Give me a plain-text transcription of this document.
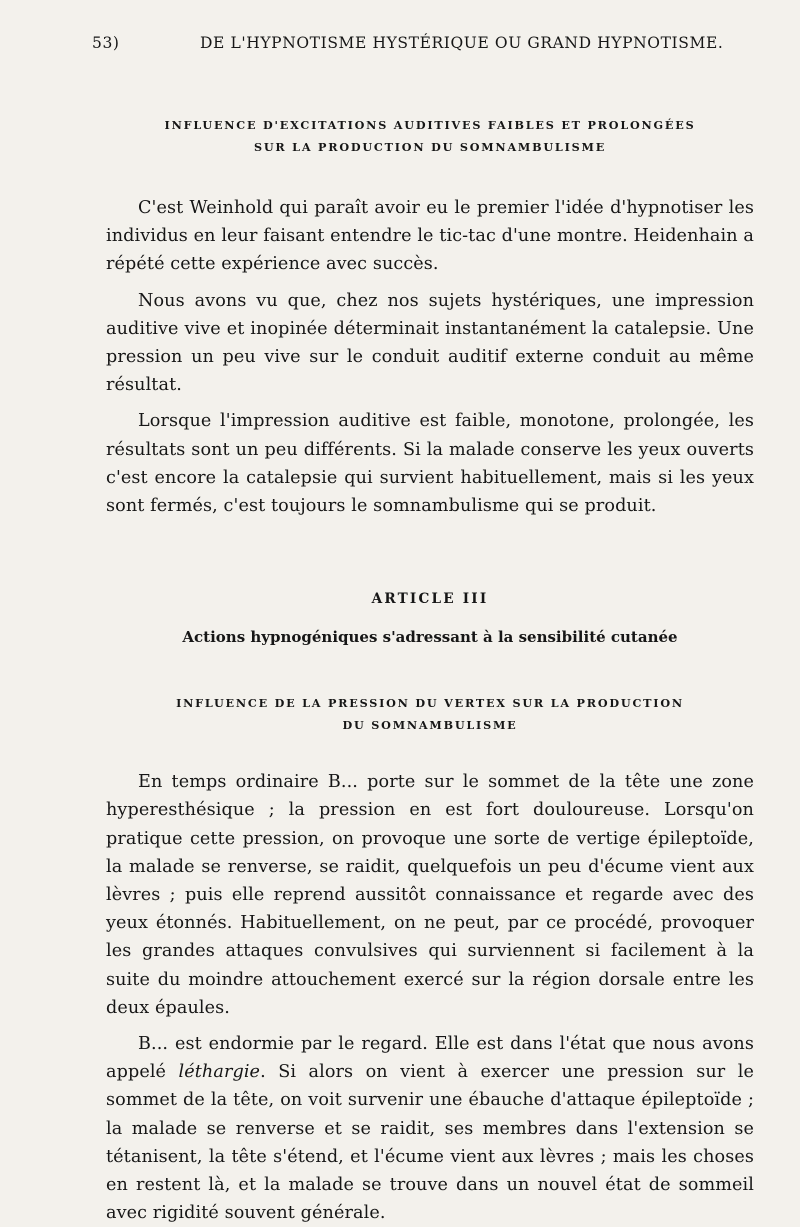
53)	DE L'HYPNOTISME HYSTÉRIQUE OU GRAND HYPNOTISME.
INFLUENCE D'EXCITATIONS AUDITIVES FAIBLES ET PROLONGÉES
SUR LA PRODUCTION DU SOMNAMBULISME

C'est Weinhold qui paraît avoir eu le premier l'idée d'hypnotiser les individus en leur faisant entendre le tic-tac d'une montre. Heidenhain a répété cette expérience avec succès.

Nous avons vu que, chez nos sujets hystériques, une impression auditive vive et inopinée déterminait instantanément la catalepsie. Une pression un peu vive sur le conduit auditif externe conduit au même résultat.

Lorsque l'impression auditive est faible, monotone, prolongée, les résultats sont un peu différents. Si la malade conserve les yeux ouverts c'est encore la catalepsie qui survient habituellement, mais si les yeux sont fermés, c'est toujours le somnambulisme qui se produit.

ARTICLE III
Actions hypnogéniques s'adressant à la sensibilité cutanée
INFLUENCE DE LA PRESSION DU VERTEX SUR LA PRODUCTION
DU SOMNAMBULISME

En temps ordinaire B... porte sur le sommet de la tête une zone hyperesthésique ; la pression en est fort douloureuse. Lorsqu'on pratique cette pression, on provoque une sorte de vertige épileptoïde, la malade se renverse, se raidit, quelquefois un peu d'écume vient aux lèvres ; puis elle reprend aussitôt connaissance et regarde avec des yeux étonnés. Habituellement, on ne peut, par ce procédé, provoquer les grandes attaques convulsives qui surviennent si facilement à la suite du moindre attouchement exercé sur la région dorsale entre les deux épaules.

B... est endormie par le regard. Elle est dans l'état que nous avons appelé léthargie. Si alors on vient à exercer une pression sur le sommet de la tête, on voit survenir une ébauche d'attaque épileptoïde ; la malade se renverse et se raidit, ses membres dans l'extension se tétanisent, la tête s'étend, et l'écume vient aux lèvres ; mais les choses en restent là, et la malade se trouve dans un nouvel état de sommeil avec rigidité souvent générale.
